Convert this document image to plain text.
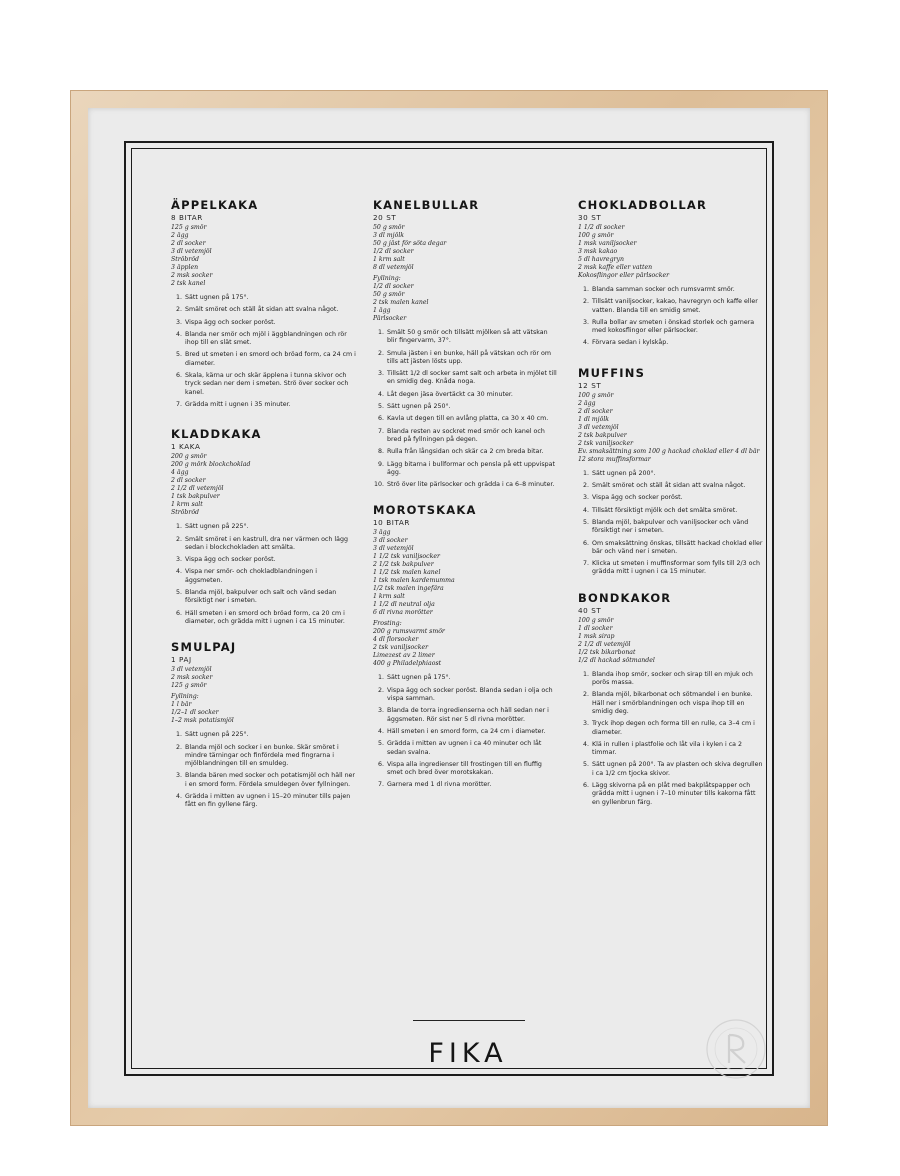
ÄPPELKAKA
8 BITAR
125 g smör
2 ägg
2 dl socker
3 dl vetemjöl
Ströbröd
3 äpplen
2 msk socker
2 tsk kanel
1. Sätt ugnen på 175°.
2. Smält smöret och ställ åt sidan att svalna något.
3. Vispa ägg och socker poröst.
4. Blanda ner smör och mjöl i äggblandningen och rör ihop till en slät smet.
5. Bred ut smeten i en smord och bröad form, ca 24 cm i diameter.
6. Skala, kärna ur och skär äpplena i tunna skivor och tryck sedan ner dem i smeten. Strö över socker och kanel.
7. Grädda mitt i ugnen i 35 minuter.
KLADDKAKA
1 KAKA
200 g smör
200 g mörk blockchoklad
4 ägg
2 dl socker
2 1/2 dl vetemjöl
1 tsk bakpulver
1 krm salt
Ströbröd
1. Sätt ugnen på 225°.
2. Smält smöret i en kastrull, dra ner värmen och lägg sedan i blockchokladen att smälta.
3. Vispa ägg och socker poröst.
4. Vispa ner smör- och chokladblandningen i äggsmeten.
5. Blanda mjöl, bakpulver och salt och vänd sedan försiktigt ner i smeten.
6. Häll smeten i en smord och bröad form, ca 20 cm i diameter, och grädda mitt i ugnen i ca 15 minuter.
SMULPAJ
1 PAJ
3 dl vetemjöl
2 msk socker
125 g smör
Fyllning:
1 l bär
1/2–1 dl socker
1–2 msk potatismjöl
1. Sätt ugnen på 225°.
2. Blanda mjöl och socker i en bunke. Skär smöret i mindre tärningar och finfördela med fingrarna i mjölblandningen till en smuldeg.
3. Blanda bären med socker och potatismjöl och häll ner i en smord form. Fördela smuldegen över fyllningen.
4. Grädda i mitten av ugnen i 15–20 minuter tills pajen fått en fin gyllene färg.
KANELBULLAR
20 ST
50 g smör
3 dl mjölk
50 g jäst för söta degar
1/2 dl socker
1 krm salt
8 dl vetemjöl
Fyllning:
1/2 dl socker
50 g smör
2 tsk malen kanel
1 ägg
Pärlsocker
1. Smält 50 g smör och tillsätt mjölken så att vätskan blir fingervarm, 37°.
2. Smula jästen i en bunke, häll på vätskan och rör om tills att jästen lösts upp.
3. Tillsätt 1/2 dl socker samt salt och arbeta in mjölet till en smidig deg. Knåda noga.
4. Låt degen jäsa övertäckt ca 30 minuter.
5. Sätt ugnen på 250°.
6. Kavla ut degen till en avlång platta, ca 30 x 40 cm.
7. Blanda resten av sockret med smör och kanel och bred på fyllningen på degen.
8. Rulla från långsidan och skär ca 2 cm breda bitar.
9. Lägg bitarna i bullformar och pensla på ett uppvispat ägg.
10. Strö över lite pärlsocker och grädda i ca 6–8 minuter.
MOROTSKAKA
10 BITAR
3 ägg
3 dl socker
3 dl vetemjöl
1 1/2 tsk vaniljsocker
2 1/2 tsk bakpulver
1 1/2 tsk malen kanel
1 tsk malen kardemumma
1/2 tsk malen ingefära
1 krm salt
1 1/2 dl neutral olja
6 dl rivna morötter
Frosting:
200 g rumsvarmt smör
4 dl florsocker
2 tsk vaniljsocker
Limezest av 2 limer
400 g Philadelphiaost
1. Sätt ugnen på 175°.
2. Vispa ägg och socker poröst. Blanda sedan i olja och vispa samman.
3. Blanda de torra ingredienserna och häll sedan ner i äggsmeten. Rör sist ner 5 dl rivna morötter.
4. Häll smeten i en smord form, ca 24 cm i diameter.
5. Grädda i mitten av ugnen i ca 40 minuter och låt sedan svalna.
6. Vispa alla ingredienser till frostingen till en fluffig smet och bred över morotskakan.
7. Garnera med 1 dl rivna morötter.
CHOKLADBOLLAR
30 ST
1 1/2 dl socker
100 g smör
1 msk vaniljsocker
3 msk kakao
5 dl havregryn
2 msk kaffe eller vatten
Kokosflingor eller pärlsocker
1. Blanda samman socker och rumsvarmt smör.
2. Tillsätt vaniljsocker, kakao, havregryn och kaffe eller vatten. Blanda till en smidig smet.
3. Rulla bollar av smeten i önskad storlek och garnera med kokosflingor eller pärlsocker.
4. Förvara sedan i kylskåp.
MUFFINS
12 ST
100 g smör
2 ägg
2 dl socker
1 dl mjölk
3 dl vetemjöl
2 tsk bakpulver
2 tsk vaniljsocker
Ev. smaksättning som 100 g hackad choklad eller 4 dl bär
12 stora muffinsformar
1. Sätt ugnen på 200°.
2. Smält smöret och ställ åt sidan att svalna något.
3. Vispa ägg och socker poröst.
4. Tillsätt försiktigt mjölk och det smälta smöret.
5. Blanda mjöl, bakpulver och vaniljsocker och vänd försiktigt ner i smeten.
6. Om smaksättning önskas, tillsätt hackad choklad eller bär och vänd ner i smeten.
7. Klicka ut smeten i muffinsformar som fylls till 2/3 och grädda mitt i ugnen i ca 15 minuter.
BONDKAKOR
40 ST
100 g smör
1 dl socker
1 msk sirap
2 1/2 dl vetemjöl
1/2 tsk bikarbonat
1/2 dl hackad sötmandel
1. Blanda ihop smör, socker och sirap till en mjuk och porös massa.
2. Blanda mjöl, bikarbonat och sötmandel i en bunke. Häll ner i smörblandningen och vispa ihop till en smidig deg.
3. Tryck ihop degen och forma till en rulle, ca 3–4 cm i diameter.
4. Klä in rullen i plastfolie och låt vila i kylen i ca 2 timmar.
5. Sätt ugnen på 200°. Ta av plasten och skiva degrullen i ca 1/2 cm tjocka skivor.
6. Lägg skivorna på en plåt med bakplåtspapper och grädda mitt i ugnen i 7–10 minuter tills kakorna fått en gyllenbrun färg.
FIKA
